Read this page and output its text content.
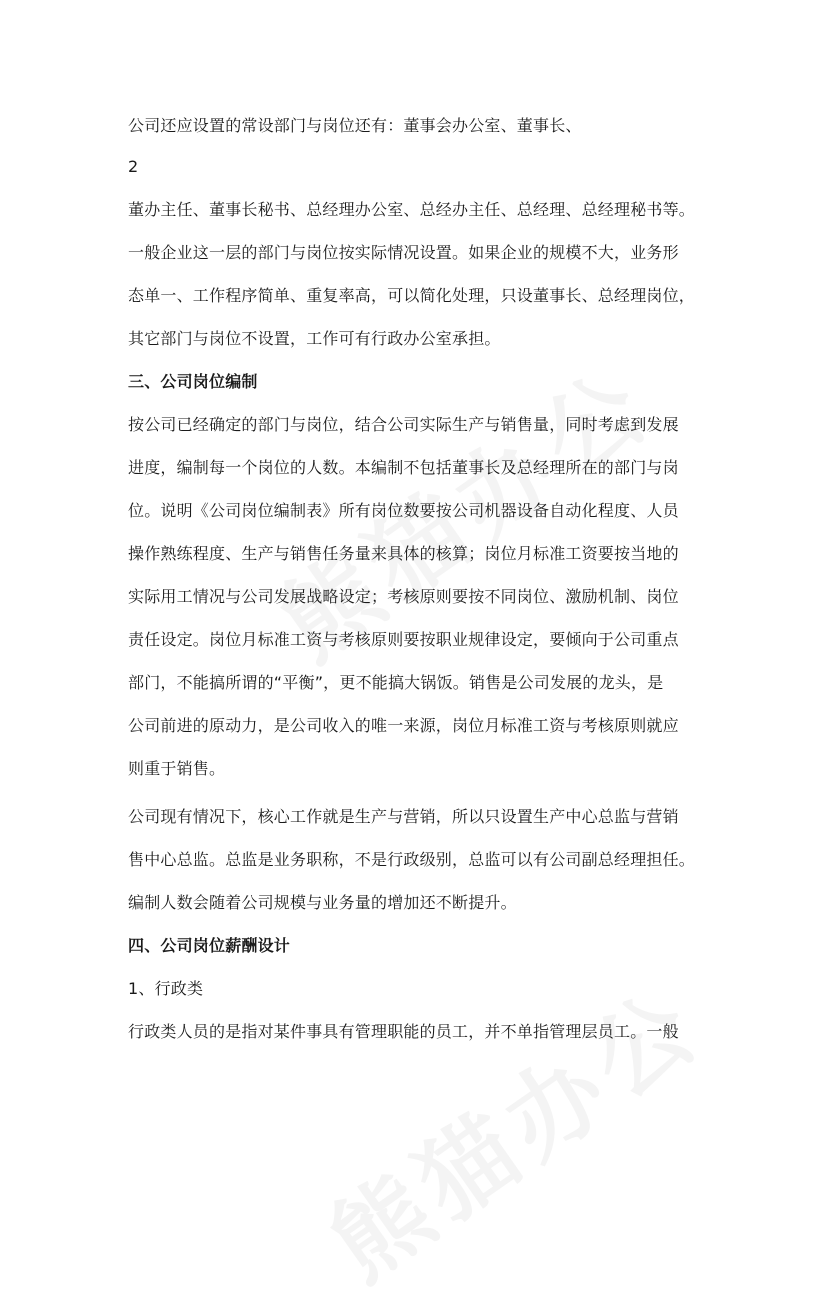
公司还应设置的常设部门与岗位还有：董事会办公室、董事长、
2
董办主任、董事长秘书、总经理办公室、总经办主任、总经理、总经理秘书等。
一般企业这一层的部门与岗位按实际情况设置。如果企业的规模不大，业务形
态单一、工作程序简单、重复率高，可以简化处理，只设董事长、总经理岗位，
其它部门与岗位不设置，工作可有行政办公室承担。
三、公司岗位编制
按公司已经确定的部门与岗位，结合公司实际生产与销售量，同时考虑到发展
进度，编制每一个岗位的人数。本编制不包括董事长及总经理所在的部门与岗
位。说明《公司岗位编制表》所有岗位数要按公司机器设备自动化程度、人员
操作熟练程度、生产与销售任务量来具体的核算；岗位月标准工资要按当地的
实际用工情况与公司发展战略设定；考核原则要按不同岗位、激励机制、岗位
责任设定。岗位月标准工资与考核原则要按职业规律设定，要倾向于公司重点
部门，不能搞所谓的“平衡”，更不能搞大锅饭。销售是公司发展的龙头，是
公司前进的原动力，是公司收入的唯一来源，岗位月标准工资与考核原则就应
则重于销售。
公司现有情况下，核心工作就是生产与营销，所以只设置生产中心总监与营销
售中心总监。总监是业务职称，不是行政级别，总监可以有公司副总经理担任。
编制人数会随着公司规模与业务量的增加还不断提升。
四、公司岗位薪酬设计
1、行政类
行政类人员的是指对某件事具有管理职能的员工，并不单指管理层员工。一般
